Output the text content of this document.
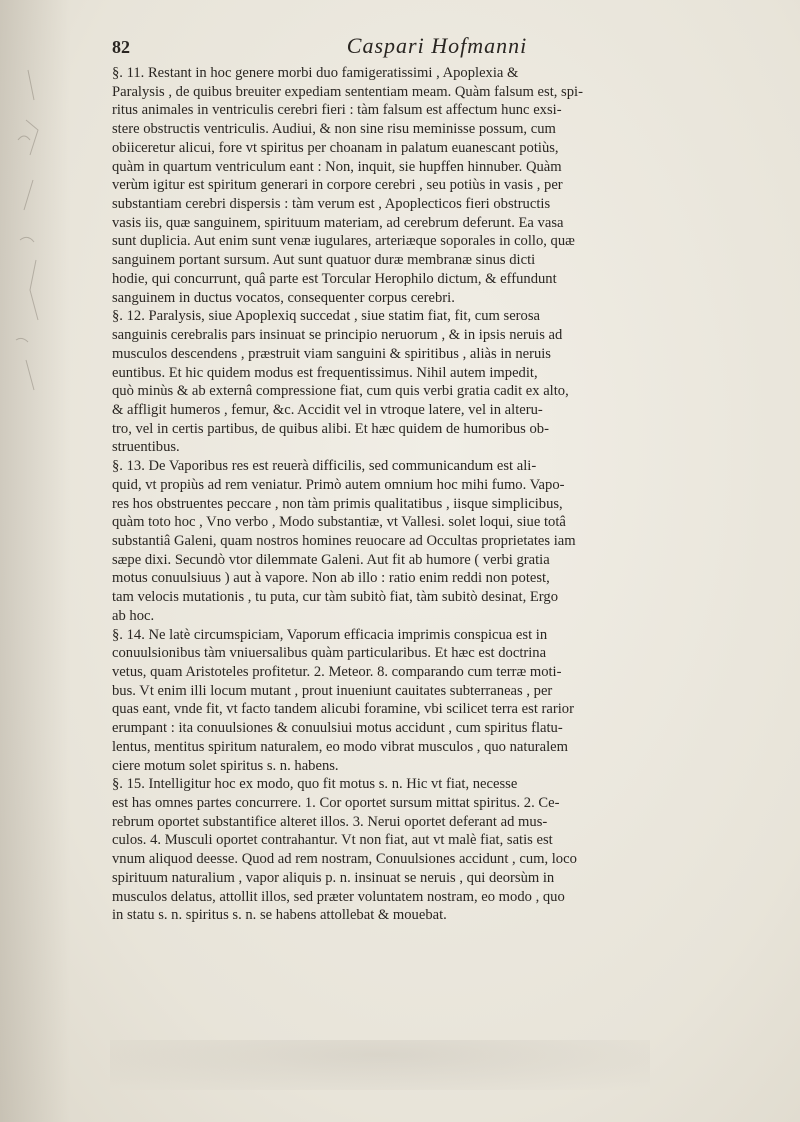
82	Caspari Hofmanni
§. 11. Restant in hoc genere morbi duo famigeratissimi , Apoplexia &
Paralysis , de quibus breuiter expediam sententiam meam. Quàm falsum est, spi-
ritus animales in ventriculis cerebri fieri : tàm falsum est affectum hunc exsi-
stere obstructis ventriculis. Audiui, & non sine risu meminisse possum, cum
obiiceretur alicui, fore vt spiritus per choanam in palatum euanescant potiùs,
quàm in quartum ventriculum eant : Non, inquit, sie hupffen hinnuber. Quàm
verùm igitur est spiritum generari in corpore cerebri , seu potiùs in vasis , per
substantiam cerebri dispersis : tàm verum est , Apoplecticos fieri obstructis
vasis iis, quæ sanguinem, spirituum materiam, ad cerebrum deferunt. Ea vasa
sunt duplicia. Aut enim sunt venæ iugulares, arteriæque soporales in collo, quæ
sanguinem portant sursum. Aut sunt quatuor duræ membranæ sinus dicti
hodie, qui concurrunt, quâ parte est Torcular Herophilo dictum, & effundunt
sanguinem in ductus vocatos, consequenter corpus cerebri.
§. 12. Paralysis, siue Apoplexiq succedat , siue statim fiat, fit, cum serosa
sanguinis cerebralis pars insinuat se principio neruorum , & in ipsis neruis ad
musculos descendens , præstruit viam sanguini & spiritibus , aliàs in neruis
euntibus. Et hic quidem modus est frequentissimus. Nihil autem impedit,
quò minùs & ab externâ compressione fiat, cum quis verbi gratia cadit ex alto,
& affligit humeros , femur, &c. Accidit vel in vtroque latere, vel in alteru-
tro, vel in certis partibus, de quibus alibi. Et hæc quidem de humoribus ob-
struentibus.
§. 13. De Vaporibus res est reuerà difficilis, sed communicandum est ali-
quid, vt propiùs ad rem veniatur. Primò autem omnium hoc mihi fumo. Vapo-
res hos obstruentes peccare , non tàm primis qualitatibus , iisque simplicibus,
quàm toto hoc , Vno verbo , Modo substantiæ, vt Vallesi. solet loqui, siue totâ
substantiâ Galeni, quam nostros homines reuocare ad Occultas proprietates iam
sæpe dixi. Secundò vtor dilemmate Galeni. Aut fit ab humore ( verbi gratia
motus conuulsiuus ) aut à vapore. Non ab illo : ratio enim reddi non potest,
tam velocis mutationis , tu puta, cur tàm subitò fiat, tàm subitò desinat, Ergo
ab hoc.
§. 14. Ne latè circumspiciam, Vaporum efficacia imprimis conspicua est in
conuulsionibus tàm vniuersalibus quàm particularibus. Et hæc est doctrina
vetus, quam Aristoteles profitetur. 2. Meteor. 8. comparando cum terræ moti-
bus. Vt enim illi locum mutant , prout inueniunt cauitates subterraneas , per
quas eant, vnde fit, vt facto tandem alicubi foramine, vbi scilicet terra est rarior
erumpant : ita conuulsiones & conuulsiui motus accidunt , cum spiritus flatu-
lentus, mentitus spiritum naturalem, eo modo vibrat musculos , quo naturalem
ciere motum solet spiritus s. n. habens.
§. 15. Intelligitur hoc ex modo, quo fit motus s. n. Hic vt fiat, necesse
est has omnes partes concurrere. 1. Cor oportet sursum mittat spiritus. 2. Ce-
rebrum oportet substantifice alteret illos. 3. Nerui oportet deferant ad mus-
culos. 4. Musculi oportet contrahantur. Vt non fiat, aut vt malè fiat, satis est
vnum aliquod deesse. Quod ad rem nostram, Conuulsiones accidunt , cum, loco
spirituum naturalium , vapor aliquis p. n. insinuat se neruis , qui deorsùm in
musculos delatus, attollit illos, sed præter voluntatem nostram, eo modo , quo
in statu s. n. spiritus s. n. se habens attollebat & mouebat.
